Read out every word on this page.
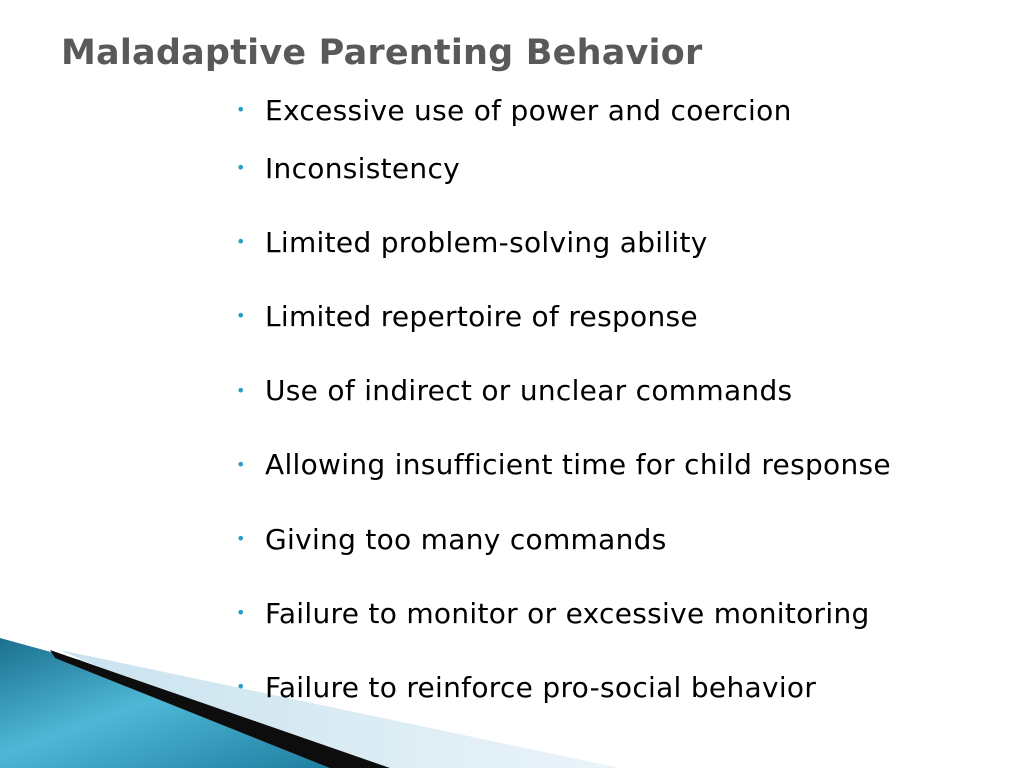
Maladaptive Parenting Behavior
• Excessive use of power and coercion
• Inconsistency
• Limited problem-solving ability
• Limited repertoire of response
• Use of indirect or unclear commands
• Allowing insufficient time for child response
• Giving too many commands
• Failure to monitor or excessive monitoring
• Failure to reinforce pro-social behavior
